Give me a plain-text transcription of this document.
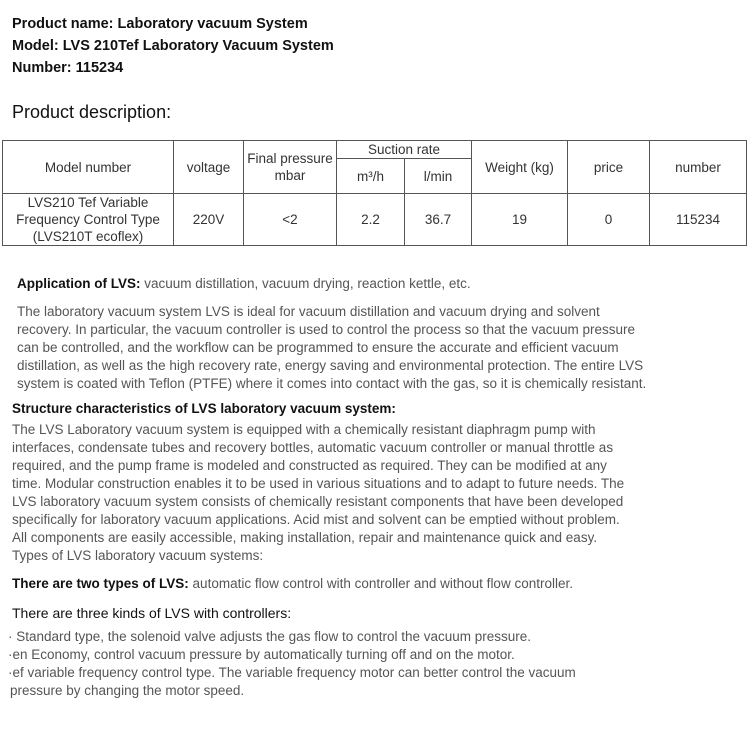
Product name: Laboratory vacuum System
Model: LVS 210Tef Laboratory Vacuum System
Number: 115234
Product description:
Model number	voltage	Final pressure mbar	Suction rate		Weight (kg)	price	number
			m³/h	l/min			
LVS210 Tef Variable Frequency Control Type (LVS210T ecoflex)	220V	<2	2.2	36.7	19	0	115234
Application of LVS: vacuum distillation, vacuum drying, reaction kettle, etc.
The laboratory vacuum system LVS is ideal for vacuum distillation and vacuum drying and solvent
recovery. In particular, the vacuum controller is used to control the process so that the vacuum pressure
can be controlled, and the workflow can be programmed to ensure the accurate and efficient vacuum
distillation, as well as the high recovery rate, energy saving and environmental protection. The entire LVS
system is coated with Teflon (PTFE) where it comes into contact with the gas, so it is chemically resistant.
Structure characteristics of LVS laboratory vacuum system:
The LVS Laboratory vacuum system is equipped with a chemically resistant diaphragm pump with
interfaces, condensate tubes and recovery bottles, automatic vacuum controller or manual throttle as
required, and the pump frame is modeled and constructed as required. They can be modified at any
time. Modular construction enables it to be used in various situations and to adapt to future needs. The
LVS laboratory vacuum system consists of chemically resistant components that have been developed
specifically for laboratory vacuum applications. Acid mist and solvent can be emptied without problem.
All components are easily accessible, making installation, repair and maintenance quick and easy.
Types of LVS laboratory vacuum systems:
There are two types of LVS: automatic flow control with controller and without flow controller.
There are three kinds of LVS with controllers:
· Standard type, the solenoid valve adjusts the gas flow to control the vacuum pressure.
·en Economy, control vacuum pressure by automatically turning off and on the motor.
·ef variable frequency control type. The variable frequency motor can better control the vacuum
pressure by changing the motor speed.
